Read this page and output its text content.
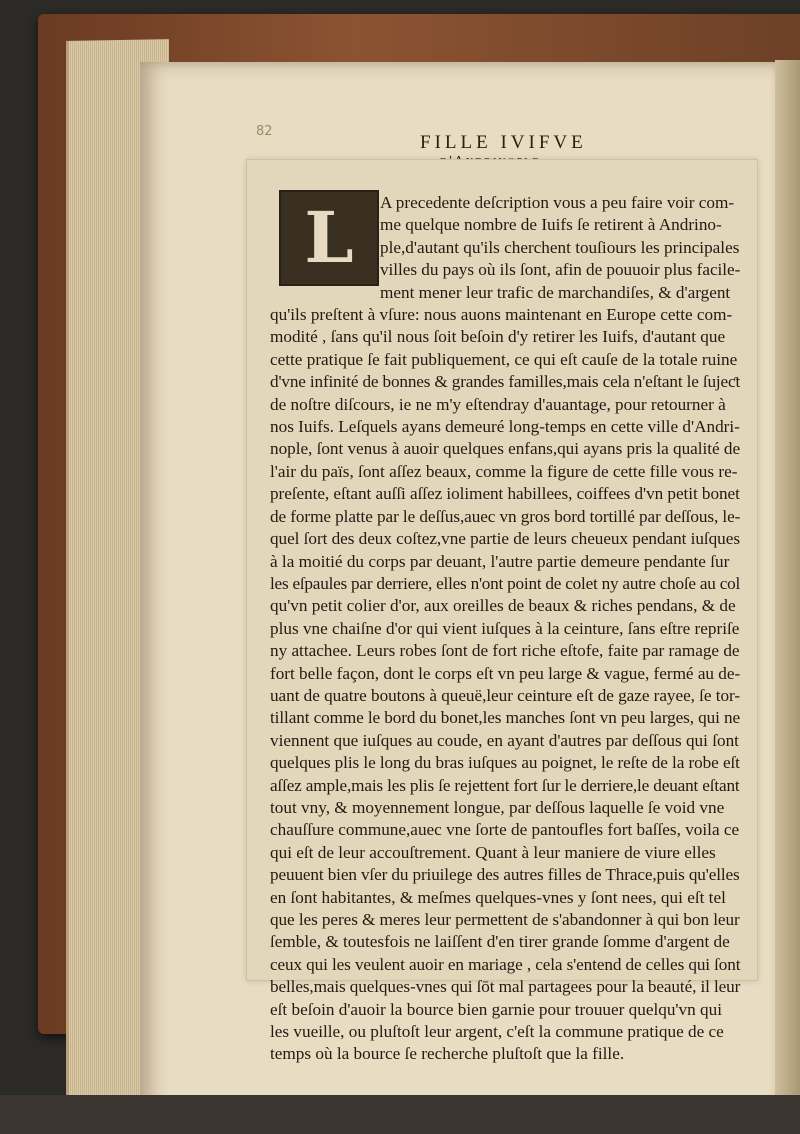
82
FILLE IVIFVE
L	A precedente deſcription vous a peu faire voir com-
me quelque nombre de Iuifs ſe retirent à Andrino-
ple,d'autant qu'ils cherchent touſiours les principales
villes du pays où ils ſont, afin de pouuoir plus facile-
ment mener leur trafic de marchandiſes, & d'argent
qu'ils preſtent à vſure: nous auons maintenant en Europe cette com-
modité , ſans qu'il nous ſoit beſoin d'y retirer les Iuifs, d'autant que
cette pratique ſe fait publiquement, ce qui eſt cauſe de la totale ruine
d'vne infinité de bonnes & grandes familles,mais cela n'eſtant le ſujeƈt
de noſtre diſcours, ie ne m'y eſtendray d'auantage, pour retourner à
nos Iuifs. Leſquels ayans demeuré long-temps en cette ville d'Andri-
nople, ſont venus à auoir quelques enfans,qui ayans pris la qualité de
l'air du païs, ſont aſſez beaux, comme la figure de cette fille vous re-
preſente, eſtant auſſi aſſez ioliment habillees, coiffees d'vn petit bonet
de forme platte par le deſſus,auec vn gros bord tortillé par deſſous, le-
quel ſort des deux coſtez,vne partie de leurs cheueux pendant iuſques
à la moitié du corps par deuant, l'autre partie demeure pendante ſur
les eſpaules par derriere, elles n'ont point de colet ny autre choſe au col
qu'vn petit colier d'or, aux oreilles de beaux & riches pendans, & de
plus vne chaiſne d'or qui vient iuſques à la ceinture, ſans eſtre repriſe
ny attachee. Leurs robes ſont de fort riche eſtofe, faite par ramage de
fort belle façon, dont le corps eſt vn peu large & vague, fermé au de-
uant de quatre boutons à queuë,leur ceinture eſt de gaze rayee, ſe tor-
tillant comme le bord du bonet,les manches ſont vn peu larges, qui ne
viennent que iuſques au coude, en ayant d'autres par deſſous qui ſont
quelques plis le long du bras iuſques au poignet, le reſte de la robe eſt
aſſez ample,mais les plis ſe rejettent fort ſur le derriere,le deuant eſtant
tout vny, & moyennement longue, par deſſous laquelle ſe void vne
chauſſure commune,auec vne ſorte de pantoufles fort baſſes, voila ce
qui eſt de leur accouſtrement. Quant à leur maniere de viure elles
peuuent bien vſer du priuilege des autres filles de Thrace,puis qu'elles
en ſont habitantes, & meſmes quelques-vnes y ſont nees, qui eſt tel
que les peres & meres leur permettent de s'abandonner à qui bon leur
ſemble, & toutesfois ne laiſſent d'en tirer grande ſomme d'argent de
ceux qui les veulent auoir en mariage , cela s'entend de celles qui ſont
belles,mais quelques-vnes qui ſōt mal partagees pour la beauté, il leur
eſt beſoin d'auoir la bource bien garnie pour trouuer quelqu'vn qui
les vueille, ou pluſtoſt leur argent, c'eſt la commune pratique de ce
temps où la bource ſe recherche pluſtoſt que la fille.
